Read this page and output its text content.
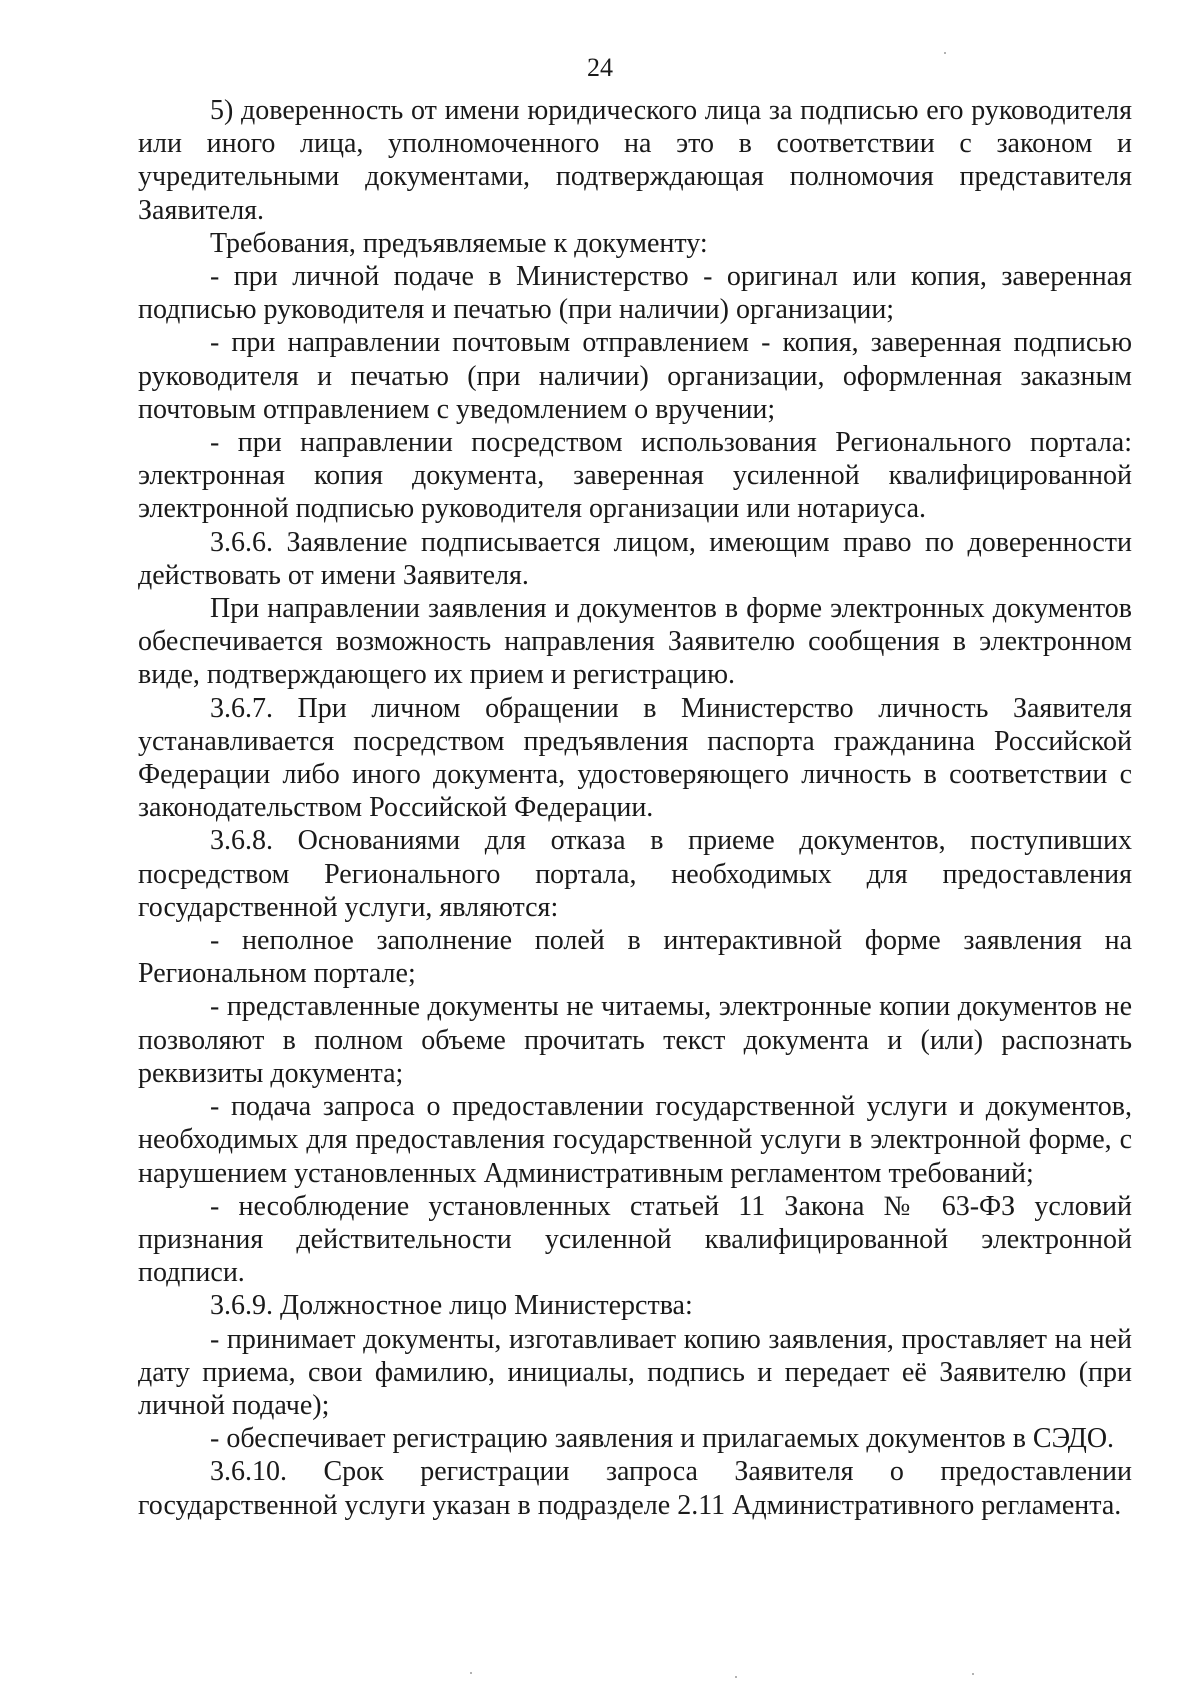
24

5) доверенность от имени юридического лица за подписью его руководителя или иного лица, уполномоченного на это в соответствии с законом и учредительными документами, подтверждающая полномочия представителя Заявителя.

Требования, предъявляемые к документу:

- при личной подаче в Министерство - оригинал или копия, заверенная подписью руководителя и печатью (при наличии) организации;

- при направлении почтовым отправлением - копия, заверенная подписью руководителя и печатью (при наличии) организации, оформленная заказным почтовым отправлением с уведомлением о вручении;

- при направлении посредством использования Регионального портала: электронная копия документа, заверенная усиленной квалифицированной электронной подписью руководителя организации или нотариуса.

3.6.6. Заявление подписывается лицом, имеющим право по доверенности действовать от имени Заявителя.

При направлении заявления и документов в форме электронных документов обеспечивается возможность направления Заявителю сообщения в электронном виде, подтверждающего их прием и регистрацию.

3.6.7. При личном обращении в Министерство личность Заявителя устанавливается посредством предъявления паспорта гражданина Российской Федерации либо иного документа, удостоверяющего личность в соответствии с законодательством Российской Федерации.

3.6.8. Основаниями для отказа в приеме документов, поступивших посредством Регионального портала, необходимых для предоставления государственной услуги, являются:

- неполное заполнение полей в интерактивной форме заявления на Региональном портале;

- представленные документы не читаемы, электронные копии документов не позволяют в полном объеме прочитать текст документа и (или) распознать реквизиты документа;

- подача запроса о предоставлении государственной услуги и документов, необходимых для предоставления государственной услуги в электронной форме, с нарушением установленных Административным регламентом требований;

- несоблюдение установленных статьей 11 Закона № 63-ФЗ условий признания действительности усиленной квалифицированной электронной подписи.

3.6.9. Должностное лицо Министерства:

- принимает документы, изготавливает копию заявления, проставляет на ней дату приема, свои фамилию, инициалы, подпись и передает её Заявителю (при личной подаче);

- обеспечивает регистрацию заявления и прилагаемых документов в СЭДО.

3.6.10. Срок регистрации запроса Заявителя о предоставлении государственной услуги указан в подразделе 2.11 Административного регламента.
